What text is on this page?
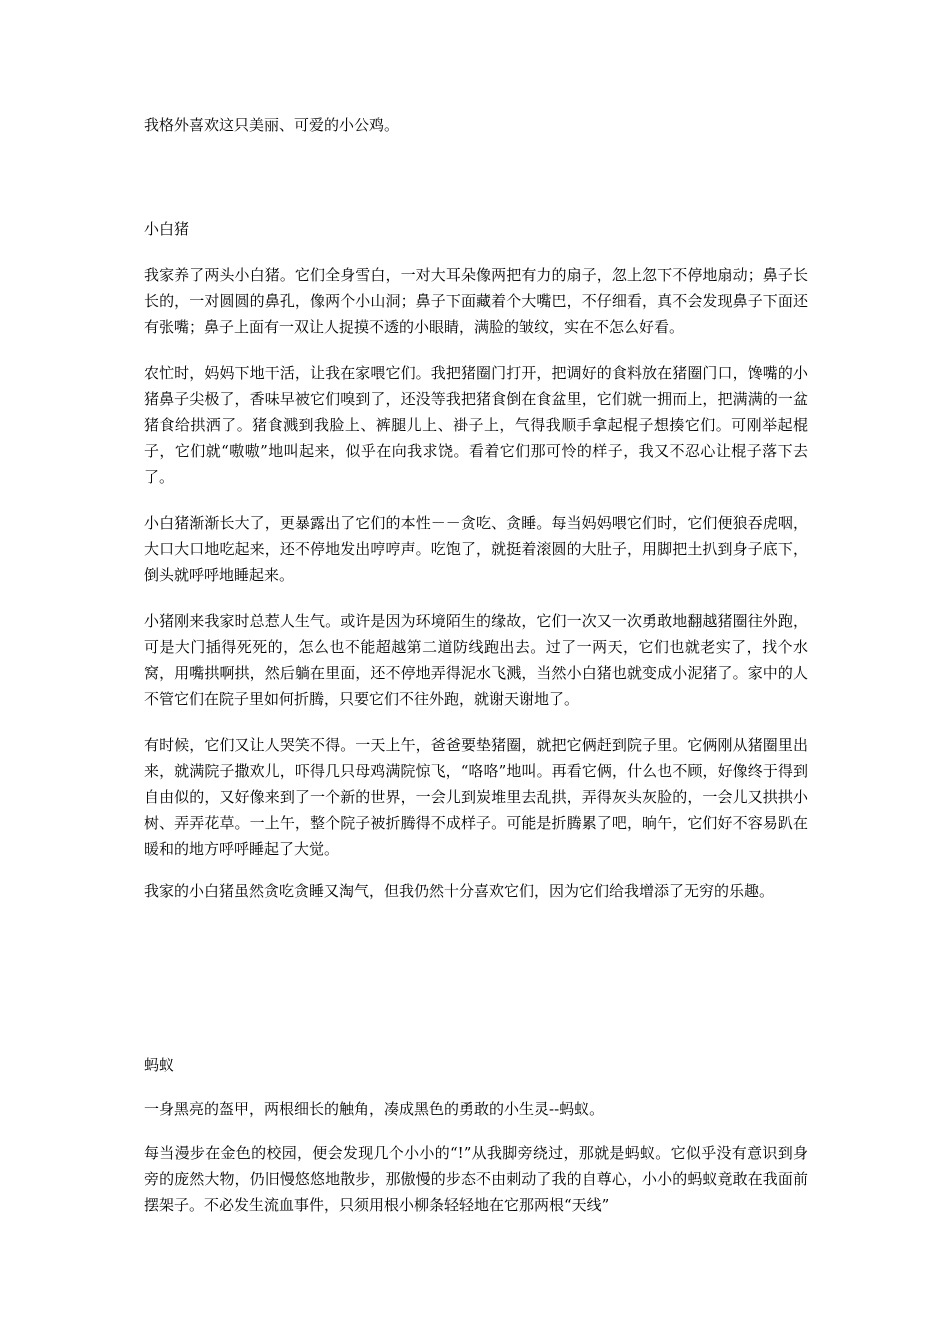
我格外喜欢这只美丽、可爱的小公鸡。

小白猪

我家养了两头小白猪。它们全身雪白，一对大耳朵像两把有力的扇子，忽上忽下不停地扇动；鼻子长长的，一对圆圆的鼻孔，像两个小山洞；鼻子下面藏着个大嘴巴，不仔细看，真不会发现鼻子下面还有张嘴；鼻子上面有一双让人捉摸不透的小眼睛，满脸的皱纹，实在不怎么好看。

农忙时，妈妈下地干活，让我在家喂它们。我把猪圈门打开，把调好的食料放在猪圈门口，馋嘴的小猪鼻子尖极了，香味早被它们嗅到了，还没等我把猪食倒在食盆里，它们就一拥而上，把满满的一盆猪食给拱洒了。猪食溅到我脸上、裤腿儿上、褂子上，气得我顺手拿起棍子想揍它们。可刚举起棍子，它们就“嗷嗷”地叫起来，似乎在向我求饶。看着它们那可怜的样子，我又不忍心让棍子落下去了。

小白猪渐渐长大了，更暴露出了它们的本性－－贪吃、贪睡。每当妈妈喂它们时，它们便狼吞虎咽，大口大口地吃起来，还不停地发出哼哼声。吃饱了，就挺着滚圆的大肚子，用脚把土扒到身子底下，倒头就呼呼地睡起来。

小猪刚来我家时总惹人生气。或许是因为环境陌生的缘故，它们一次又一次勇敢地翻越猪圈往外跑，可是大门插得死死的，怎么也不能超越第二道防线跑出去。过了一两天，它们也就老实了，找个水窝，用嘴拱啊拱，然后躺在里面，还不停地弄得泥水飞溅，当然小白猪也就变成小泥猪了。家中的人不管它们在院子里如何折腾，只要它们不往外跑，就谢天谢地了。

有时候，它们又让人哭笑不得。一天上午，爸爸要垫猪圈，就把它俩赶到院子里。它俩刚从猪圈里出来，就满院子撒欢儿，吓得几只母鸡满院惊飞，“咯咯”地叫。再看它俩，什么也不顾，好像终于得到自由似的，又好像来到了一个新的世界，一会儿到炭堆里去乱拱，弄得灰头灰脸的，一会儿又拱拱小树、弄弄花草。一上午，整个院子被折腾得不成样子。可能是折腾累了吧，晌午，它们好不容易趴在暖和的地方呼呼睡起了大觉。

我家的小白猪虽然贪吃贪睡又淘气，但我仍然十分喜欢它们，因为它们给我增添了无穷的乐趣。

蚂蚁

一身黑亮的盔甲，两根细长的触角，凑成黑色的勇敢的小生灵--蚂蚁。

每当漫步在金色的校园，便会发现几个小小的“!”从我脚旁绕过，那就是蚂蚁。它似乎没有意识到身旁的庞然大物，仍旧慢悠悠地散步，那傲慢的步态不由刺动了我的自尊心，小小的蚂蚁竟敢在我面前摆架子。不必发生流血事件，只须用根小柳条轻轻地在它那两根“天线”
